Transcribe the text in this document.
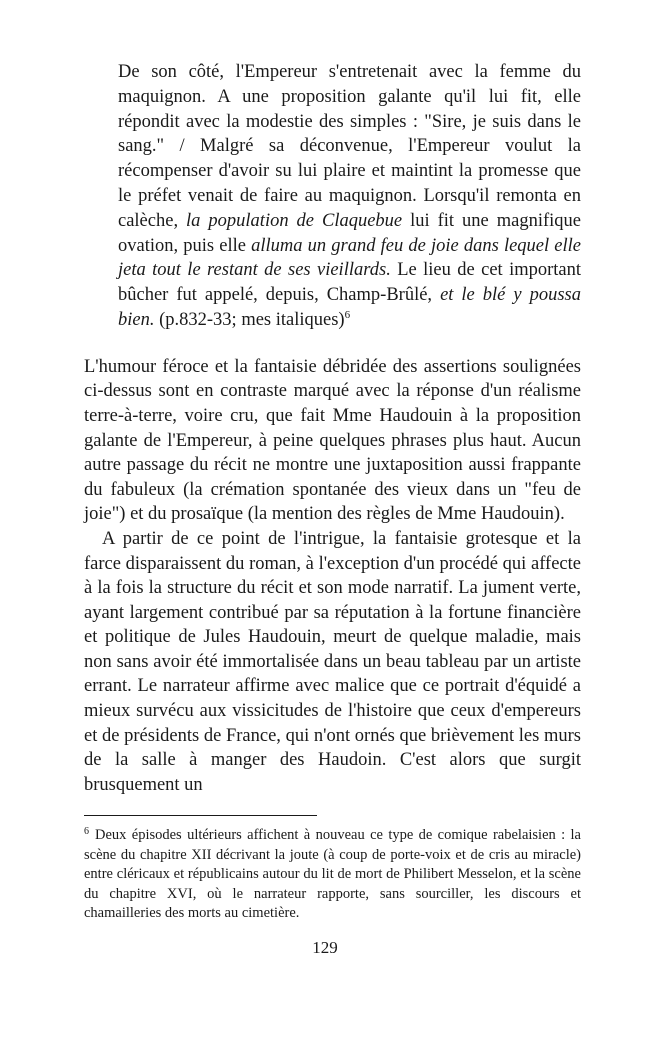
De son côté, l'Empereur s'entretenait avec la femme du maquignon. A une proposition galante qu'il lui fit, elle répondit avec la modestie des simples : "Sire, je suis dans le sang." / Malgré sa déconvenue, l'Empereur voulut la récompenser d'avoir su lui plaire et maintint la promesse que le préfet venait de faire au maquignon. Lorsqu'il remonta en calèche, la population de Claquebue lui fit une magnifique ovation, puis elle alluma un grand feu de joie dans lequel elle jeta tout le restant de ses vieillards. Le lieu de cet important bûcher fut appelé, depuis, Champ-Brûlé, et le blé y poussa bien. (p.832-33; mes italiques)$^6$

L'humour féroce et la fantaisie débridée des assertions soulignées ci-dessus sont en contraste marqué avec la réponse d'un réalisme terre-à-terre, voire cru, que fait Mme Haudouin à la proposition galante de l'Empereur, à peine quelques phrases plus haut. Aucun autre passage du récit ne montre une juxtaposition aussi frappante du fabuleux (la crémation spontanée des vieux dans un "feu de joie") et du prosaïque (la mention des règles de Mme Haudouin).

A partir de ce point de l'intrigue, la fantaisie grotesque et la farce disparaissent du roman, à l'exception d'un procédé qui affecte à la fois la structure du récit et son mode narratif. La jument verte, ayant largement contribué par sa réputation à la fortune financière et politique de Jules Haudouin, meurt de quelque maladie, mais non sans avoir été immortalisée dans un beau tableau par un artiste errant. Le narrateur affirme avec malice que ce portrait d'équidé a mieux survécu aux vissicitudes de l'histoire que ceux d'empereurs et de présidents de France, qui n'ont ornés que brièvement les murs de la salle à manger des Haudoin. C'est alors que surgit brusquement un

$^6$ Deux épisodes ultérieurs affichent à nouveau ce type de comique rabelaisien : la scène du chapitre XII décrivant la joute (à coup de porte-voix et de cris au miracle) entre cléricaux et républicains autour du lit de mort de Philibert Messelon, et la scène du chapitre XVI, où le narrateur rapporte, sans sourciller, les discours et chamailleries des morts au cimetière.
129
